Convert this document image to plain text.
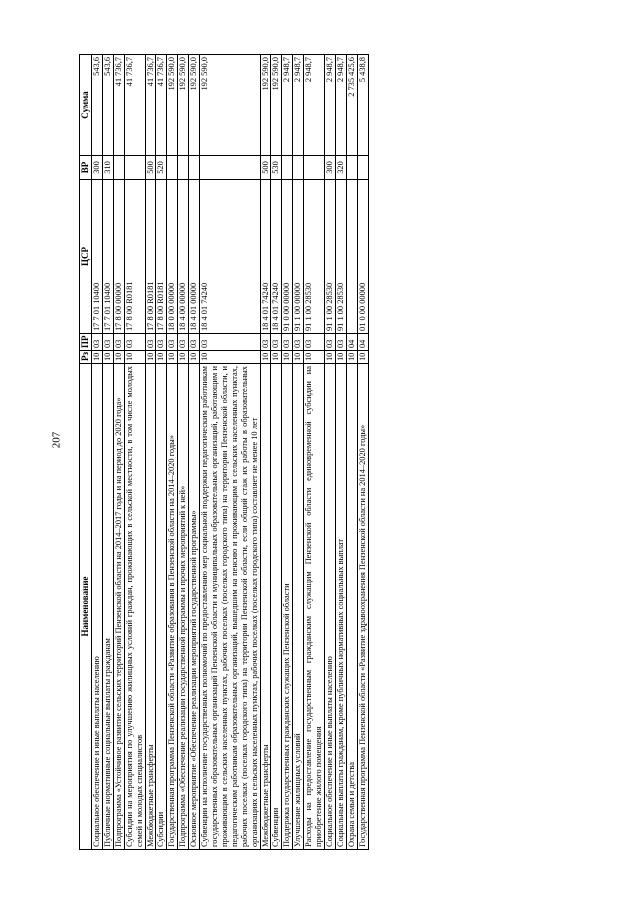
207
Наименование	Рз	ПР	ЦСР	ВР	Сумма
Социальное обеспечение и иные выплаты населению	10	03	17 7 01 10400	300	543,6
Публичные нормативные социальные выплаты гражданам	10	03	17 7 01 10400	310	543,6
Подпрограмма «Устойчивое развитие сельских территорий Пензенской области на 2014–2017 годы и на период до 2020 года»	10	03	17 8 00 00000		41 736,7
Субсидии на мероприятия по улучшению жилищных условий граждан, проживающих в сельской местности, в том числе молодых семей и молодых специалистов	10	03	17 8 00 R0181		41 736,7
Межбюджетные трансферты	10	03	17 8 00 R0181	500	41 736,7
Субсидии	10	03	17 8 00 R0181	520	41 736,7
Государственная программа Пензенской области «Развитие образования в Пензенской области на 2014–2020 годы»	10	03	18 0 00 00000		192 590,0
Подпрограмма «Обеспечение реализации государственной программы и прочих мероприятий к ней»	10	03	18 4 00 00000		192 590,0
Основное мероприятие «Обеспечение реализации мероприятий государственной программы»	10	03	18 4 01 00000		192 590,0
Субвенции на исполнение государственных полномочий по предоставлению мер социальной поддержки педагогическим работникам государственных образовательных организаций Пензенской области и муниципальных образовательных организаций, работающим и проживающим в сельских населенных пунктах, рабочих поселках (поселках городского типа) на территории Пензенской области, и педагогическим работникам образовательных организаций, вышедшим на пенсию и проживающим в сельских населенных пунктах, рабочих поселках (поселках городского типа) на территории Пензенской области, если общий стаж их работы в образовательных организациях в сельских населенных пунктах, рабочих поселках (поселках городского типа) составляет не менее 10 лет	10	03	18 4 01 74240		192 590,0
Межбюджетные трансферты	10	03	18 4 01 74240	500	192 590,0
Субвенции	10	03	18 4 01 74240	530	192 590,0
Поддержка государственных гражданских служащих Пензенской области	10	03	91 0 00 00000		2 948,7
Улучшение жилищных условий	10	03	91 1 00 00000		2 948,7
Расходы на предоставление государственным гражданским служащим Пензенской области единовременной субсидии на приобретение жилого помещения	10	03	91 1 00 28530		2 948,7
Социальное обеспечение и иные выплаты населению	10	03	91 1 00 28530	300	2 948,7
Социальные выплаты гражданам, кроме публичных нормативных социальных выплат	10	03	91 1 00 28530	320	2 948,7
Охрана семьи и детства	10	04			2 735 425,6
Государственная программа Пензенской области «Развитие здравоохранения Пензенской области на 2014–2020 годы»	10	04	01 0 00 00000		5 438,8
